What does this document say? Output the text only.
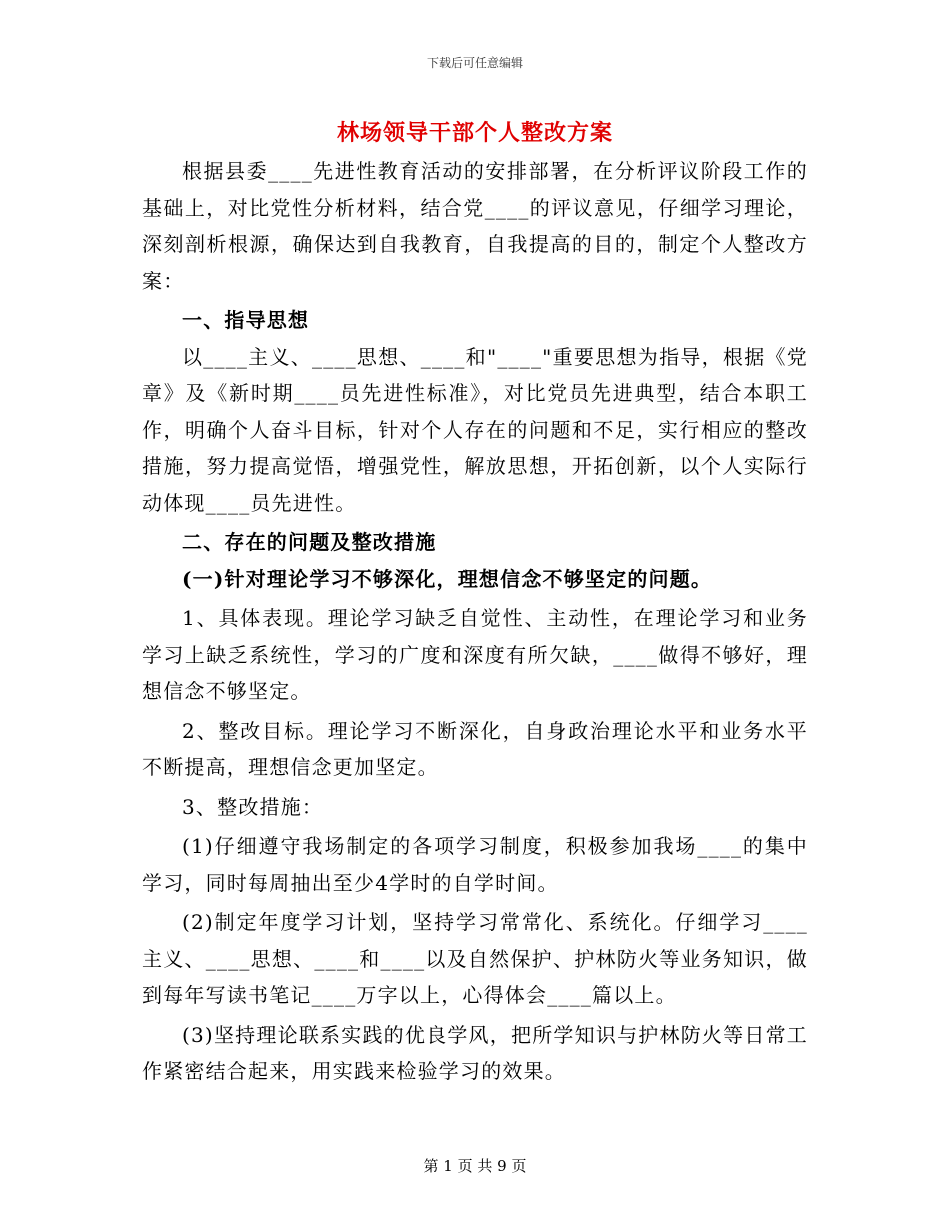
下载后可任意编辑
林场领导干部个人整改方案

根据县委____先进性教育活动的安排部署，在分析评议阶段工作的基础上，对比党性分析材料，结合党____的评议意见，仔细学习理论，深刻剖析根源，确保达到自我教育，自我提高的目的，制定个人整改方案：

一、指导思想

以____主义、____思想、____和"____"重要思想为指导，根据《党章》及《新时期____员先进性标准》，对比党员先进典型，结合本职工作，明确个人奋斗目标，针对个人存在的问题和不足，实行相应的整改措施，努力提高觉悟，增强党性，解放思想，开拓创新，以个人实际行动体现____员先进性。

二、存在的问题及整改措施

(一)针对理论学习不够深化，理想信念不够坚定的问题。

1、具体表现。理论学习缺乏自觉性、主动性，在理论学习和业务学习上缺乏系统性，学习的广度和深度有所欠缺，____做得不够好，理想信念不够坚定。

2、整改目标。理论学习不断深化，自身政治理论水平和业务水平不断提高，理想信念更加坚定。

3、整改措施：

(1)仔细遵守我场制定的各项学习制度，积极参加我场____的集中学习，同时每周抽出至少4学时的自学时间。

(2)制定年度学习计划，坚持学习常常化、系统化。仔细学习____主义、____思想、____和____以及自然保护、护林防火等业务知识，做到每年写读书笔记____万字以上，心得体会____篇以上。

(3)坚持理论联系实践的优良学风，把所学知识与护林防火等日常工作紧密结合起来，用实践来检验学习的效果。

第 1 页 共 9 页
